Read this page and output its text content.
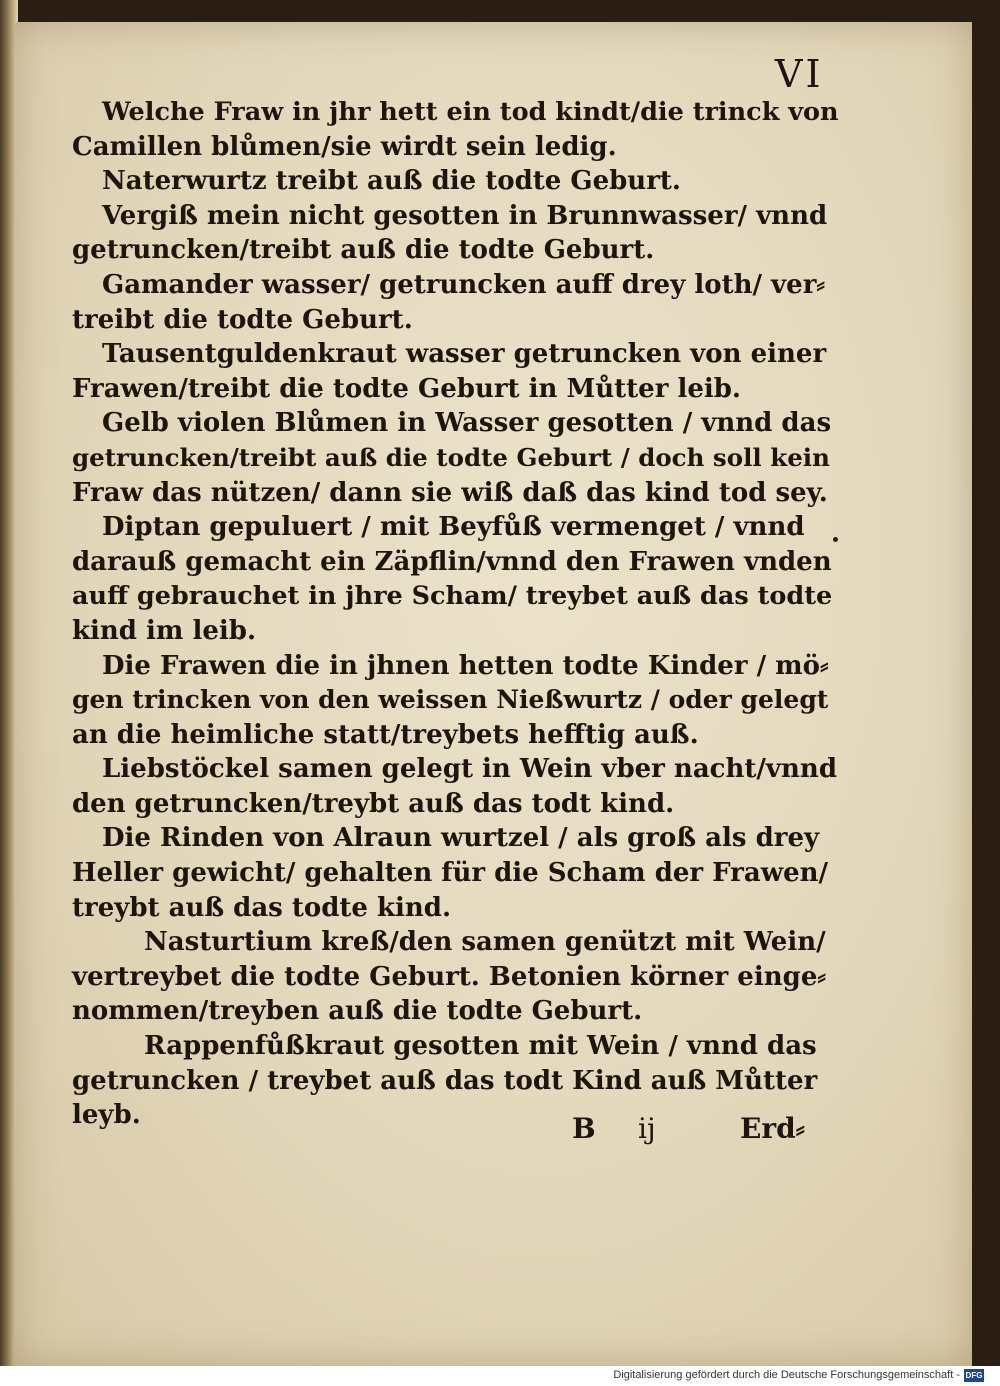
VI
Welche Fraw in jhr hett ein tod kindt/die trinck von
Camillen blůmen/sie wirdt sein ledig.
Naterwurtz treibt auß die todte Geburt.
Vergiß mein nicht gesotten in Brunnwasser/ vnnd
getruncken/treibt auß die todte Geburt.
Gamander wasser/ getruncken auff drey loth/ ver⸗
treibt die todte Geburt.
Tausentguldenkraut wasser getruncken von einer
Frawen/treibt die todte Geburt in Můtter leib.
Gelb violen Blůmen in Wasser gesotten / vnnd das
getruncken/treibt auß die todte Geburt / doch soll kein
Fraw das nützen/ dann sie wiß daß das kind tod sey.
Diptan gepuluert / mit Beyfůß vermenget / vnnd
darauß gemacht ein Zäpflin/vnnd den Frawen vnden
auff gebrauchet in jhre Scham/ treybet auß das todte
kind im leib.
Die Frawen die in jhnen hetten todte Kinder / mö⸗
gen trincken von den weissen Nießwurtz / oder gelegt
an die heimliche statt/treybets hefftig auß.
Liebstöckel samen gelegt in Wein vber nacht/vnnd
den getruncken/treybt auß das todt kind.
Die Rinden von Alraun wurtzel / als groß als drey
Heller gewicht/ gehalten für die Scham der Frawen/
treybt auß das todte kind.
Nasturtium kreß/den samen genützt mit Wein/
vertreybet die todte Geburt. Betonien körner einge⸗
nommen/treyben auß die todte Geburt.
Rappenfůßkraut gesotten mit Wein / vnnd das
getruncken / treybet auß das todt Kind auß Můtter
leyb.	B ij	Erd⸗
Digitalisierung gefördert durch die Deutsche Forschungsgemeinschaft - DFG
